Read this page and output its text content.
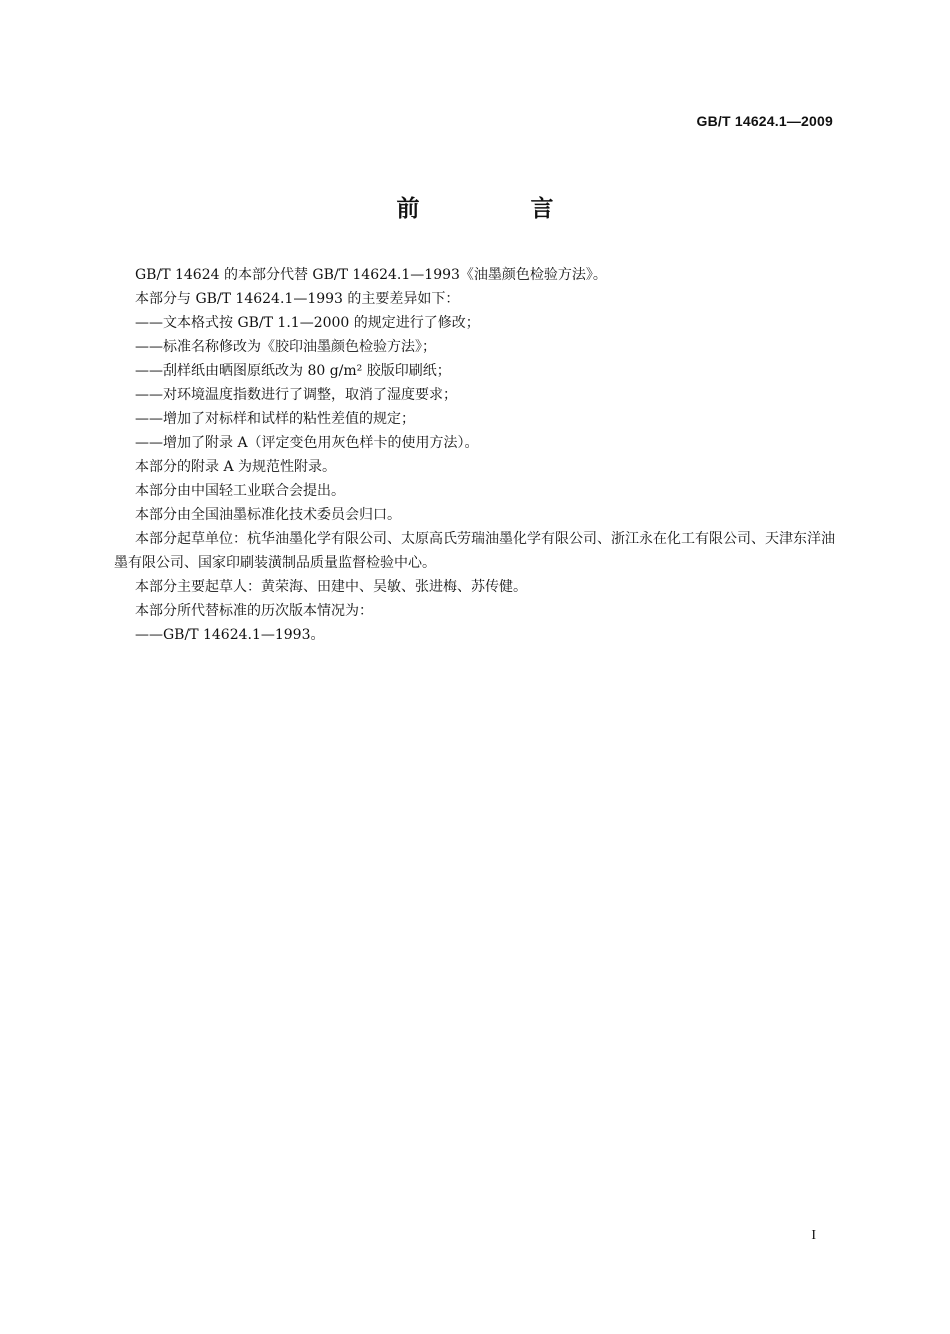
GB/T 14624.1—2009
前　言

GB/T 14624 的本部分代替 GB/T 14624.1—1993《油墨颜色检验方法》。

本部分与 GB/T 14624.1—1993 的主要差异如下：

——文本格式按 GB/T 1.1—2000 的规定进行了修改；

——标准名称修改为《胶印油墨颜色检验方法》；

——刮样纸由晒图原纸改为 80 g/m² 胶版印刷纸；

——对环境温度指数进行了调整，取消了湿度要求；

——增加了对标样和试样的粘性差值的规定；

——增加了附录 A（评定变色用灰色样卡的使用方法）。

本部分的附录 A 为规范性附录。

本部分由中国轻工业联合会提出。

本部分由全国油墨标准化技术委员会归口。

本部分起草单位：杭华油墨化学有限公司、太原高氏劳瑞油墨化学有限公司、浙江永在化工有限公司、天津东洋油墨有限公司、国家印刷装潢制品质量监督检验中心。

本部分主要起草人：黄荣海、田建中、吴敏、张进梅、苏传健。

本部分所代替标准的历次版本情况为：

——GB/T 14624.1—1993。

I
